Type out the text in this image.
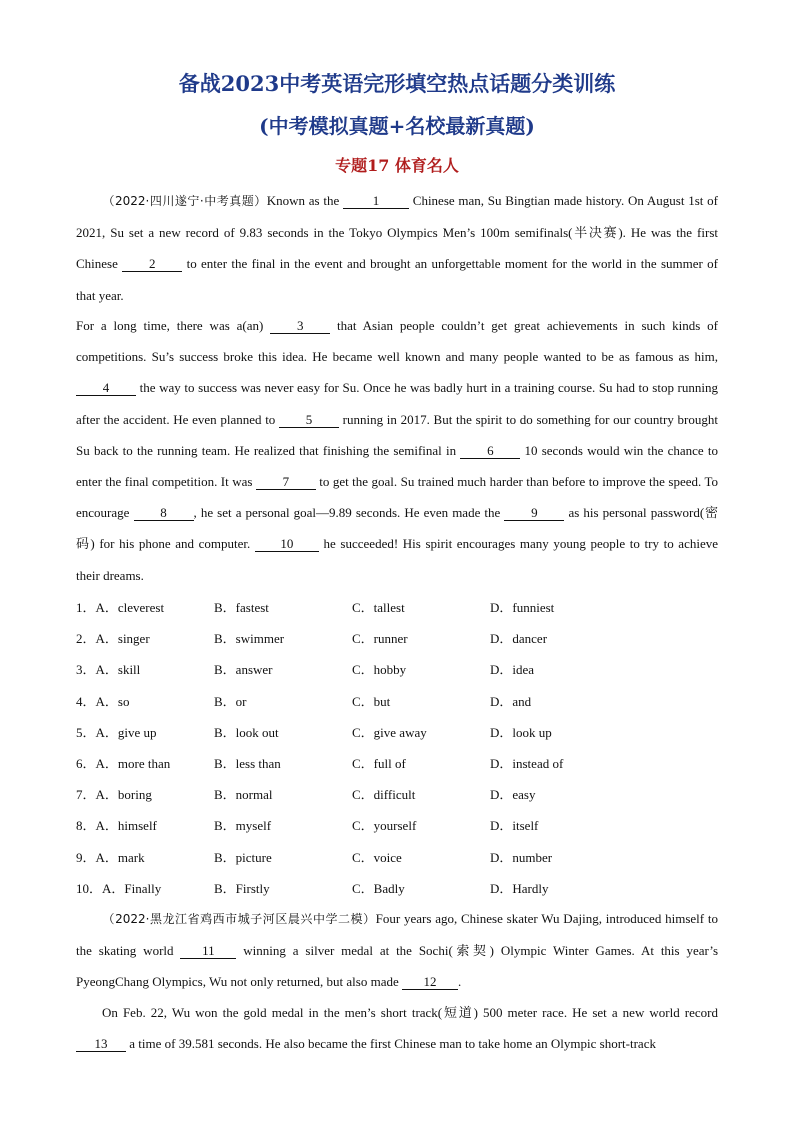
备战2023中考英语完形填空热点话题分类训练
(中考模拟真题+名校最新真题)
专题17 体育名人
（2022·四川遂宁·中考真题）Known as the 1 Chinese man, Su Bingtian made history. On August 1st of 2021, Su set a new record of 9.83 seconds in the Tokyo Olympics Men’s 100m semifinals(半决赛). He was the first Chinese 2 to enter the final in the event and brought an unforgettable moment for the world in the summer of that year.
For a long time, there was a(an) 3 that Asian people couldn’t get great achievements in such kinds of competitions. Su’s success broke this idea. He became well known and many people wanted to be as famous as him, 4 the way to success was never easy for Su. Once he was badly hurt in a training course. Su had to stop running after the accident. He even planned to 5 running in 2017. But the spirit to do something for our country brought Su back to the running team. He realized that finishing the semifinal in 6 10 seconds would win the chance to enter the final competition. It was 7 to get the goal. Su trained much harder than before to improve the speed. To encourage 8 , he set a personal goal—9.89 seconds. He even made the 9 as his personal password(密码) for his phone and computer. 10 he succeeded! His spirit encourages many young people to try to achieve their dreams.
1．A．cleverest	B．fastest	C．tallest	D．funniest
2．A．singer	B．swimmer	C．runner	D．dancer
3．A．skill	B．answer	C．hobby	D．idea
4．A．so	B．or	C．but	D．and
5．A．give up	B．look out	C．give away	D．look up
6．A．more than	B．less than	C．full of	D．instead of
7．A．boring	B．normal	C．difficult	D．easy
8．A．himself	B．myself	C．yourself	D．itself
9．A．mark	B．picture	C．voice	D．number
10．A．Finally	B．Firstly	C．Badly	D．Hardly
（2022·黑龙江省鸡西市城子河区晨兴中学二模）Four years ago, Chinese skater Wu Dajing, introduced himself to the skating world 11 winning a silver medal at the Sochi(索契) Olympic Winter Games. At this year’s PyeongChang Olympics, Wu not only returned, but also made 12 .
On Feb. 22, Wu won the gold medal in the men’s short track(短道) 500 meter race. He set a new world record 13 a time of 39.581 seconds. He also became the first Chinese man to take home an Olympic short-track
